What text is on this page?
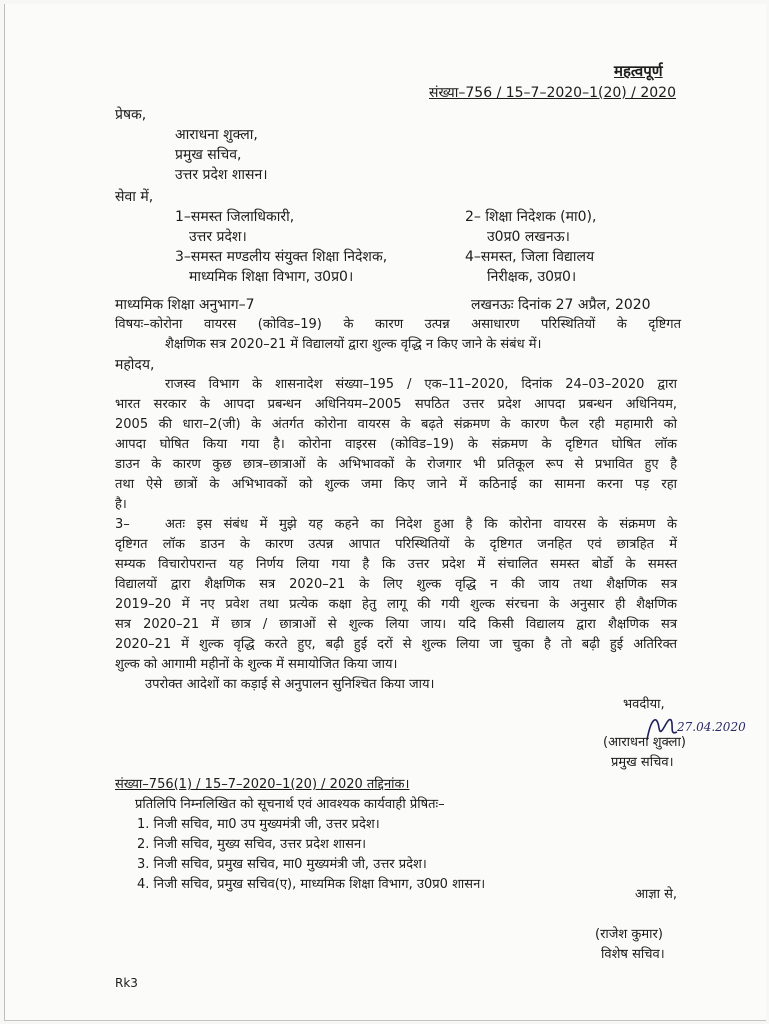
महत्वपूर्ण
संख्या–756 / 15–7–2020–1(20) / 2020
प्रेषक,
आराधना शुक्ला,
प्रमुख सचिव,
उत्तर प्रदेश शासन।
सेवा में,
1–समस्त जिलाधिकारी,
उत्तर प्रदेश।
2– शिक्षा निदेशक (मा0),
उ0प्र0 लखनऊ।
3–समस्त मण्डलीय संयुक्त शिक्षा निदेशक,
माध्यमिक शिक्षा विभाग, उ0प्र0।
4–समस्त, जिला विद्यालय
निरीक्षक, उ0प्र0।
माध्यमिक शिक्षा अनुभाग–7	लखनऊः दिनांक 27 अप्रैल, 2020
विषयः–कोरोना वायरस (कोविड–19) के कारण उत्पन्न असाधारण परिस्थितियों के दृष्टिगत
शैक्षणिक सत्र 2020–21 में विद्यालयों द्वारा शुल्क वृद्धि न किए जाने के संबंध में।
महोदय,
राजस्व विभाग के शासनादेश संख्या–195 / एक–11–2020, दिनांक 24–03–2020 द्वारा
भारत सरकार के आपदा प्रबन्धन अधिनियम–2005 सपठित उत्तर प्रदेश आपदा प्रबन्धन अधिनियम,
2005 की धारा–2(जी) के अंतर्गत कोरोना वायरस के बढ़ते संक्रमण के कारण फैल रही महामारी को
आपदा घोषित किया गया है। कोरोना वाइरस (कोविड–19) के संक्रमण के दृष्टिगत घोषित लॉक
डाउन के कारण कुछ छात्र–छात्राओं के अभिभावकों के रोजगार भी प्रतिकूल रूप से प्रभावित हुए है
तथा ऐसे छात्रों के अभिभावकों को शुल्क जमा किए जाने में कठिनाई का सामना करना पड़ रहा
है।
3–	अतः इस संबंध में मुझे यह कहने का निदेश हुआ है कि कोरोना वायरस के संक्रमण के
दृष्टिगत लॉक डाउन के कारण उत्पन्न आपात परिस्थितियों के दृष्टिगत जनहित एवं छात्रहित में
सम्यक विचारोपरान्त यह निर्णय लिया गया है कि उत्तर प्रदेश में संचालित समस्त बोर्डो के समस्त
विद्यालयों द्वारा शैक्षणिक सत्र 2020–21 के लिए शुल्क वृद्धि न की जाय तथा शैक्षणिक सत्र
2019–20 में नए प्रवेश तथा प्रत्येक कक्षा हेतु लागू की गयी शुल्क संरचना के अनुसार ही शैक्षणिक
सत्र 2020–21 में छात्र / छात्राओं से शुल्क लिया जाय। यदि किसी विद्यालय द्वारा शैक्षणिक सत्र
2020–21 में शुल्क वृद्धि करते हुए, बढ़ी हुई दरों से शुल्क लिया जा चुका है तो बढ़ी हुई अतिरिक्त
शुल्क को आगामी महीनों के शुल्क में समायोजित किया जाय।
उपरोक्त आदेशों का कड़ाई से अनुपालन सुनिश्चित किया जाय।
भवदीया,
27.04.2020
(आराधना शुक्ला)
प्रमुख सचिव।
संख्या–756(1) / 15–7–2020–1(20) / 2020 तद्दिनांक।
प्रतिलिपि निम्नलिखित को सूचनार्थ एवं आवश्यक कार्यवाही प्रेषितः–
1. निजी सचिव, मा0 उप मुख्यमंत्री जी, उत्तर प्रदेश।
2. निजी सचिव, मुख्य सचिव, उत्तर प्रदेश शासन।
3. निजी सचिव, प्रमुख सचिव, मा0 मुख्यमंत्री जी, उत्तर प्रदेश।
4. निजी सचिव, प्रमुख सचिव(ए), माध्यमिक शिक्षा विभाग, उ0प्र0 शासन।
आज्ञा से,
(राजेश कुमार)
विशेष सचिव।
Rk3
